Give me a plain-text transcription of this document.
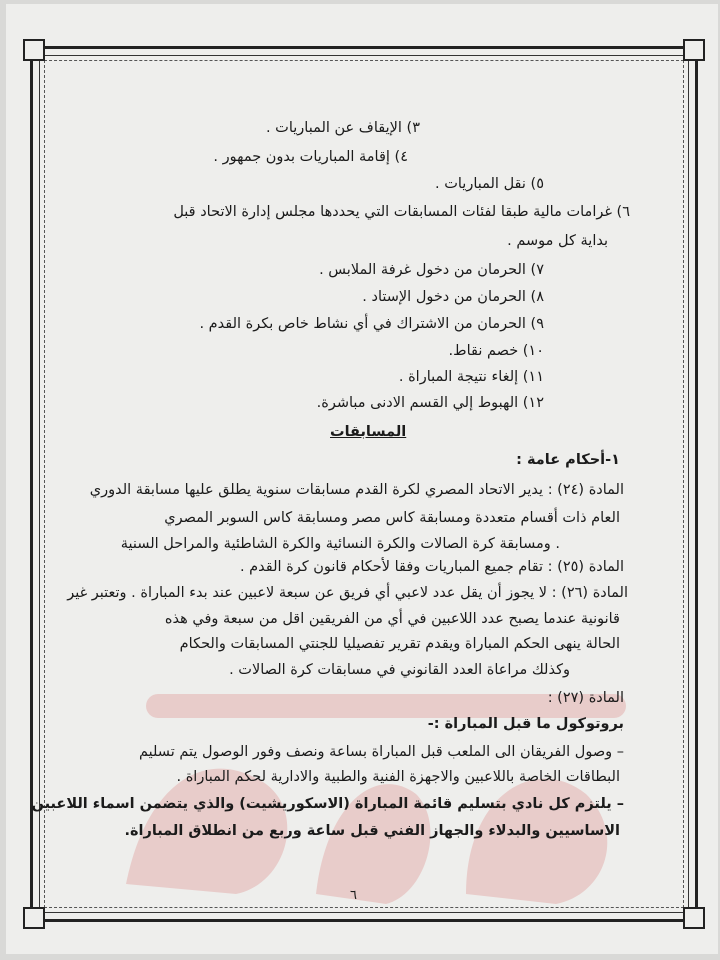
٣) الإيقاف عن المباريات .
٤) إقامة المباريات بدون جمهور .
٥) نقل المباريات .
٦) غرامات مالية طبقا لفئات المسابقات التي يحددها مجلس إدارة الاتحاد قبل
بداية كل موسم .
٧) الحرمان من دخول غرفة الملابس .
٨) الحرمان من دخول الإستاد .
٩) الحرمان من الاشتراك في أي نشاط خاص بكرة القدم .
١٠) خصم نقاط.
١١) إلغاء نتيجة المباراة .
١٢) الهبوط إلي القسم الادنى مباشرة.
المسابقات
١-أحكام عامة :
المادة (٢٤) : يدير الاتحاد المصري لكرة القدم مسابقات سنوية يطلق عليها مسابقة الدوري
العام ذات أقسام متعددة ومسابقة كاس مصر ومسابقة كاس السوبر المصري
. ومسابقة كرة الصالات والكرة النسائية والكرة الشاطئية والمراحل السنية
المادة (٢٥) : تقام جميع المباريات وفقا لأحكام قانون كرة القدم .
المادة (٢٦) : لا يجوز أن يقل عدد لاعبي أي فريق عن سبعة لاعبين عند بدء المباراة . وتعتبر غير
قانونية عندما يصبح عدد اللاعبين في أي من الفريقين اقل من سبعة وفي هذه
الحالة ينهى الحكم المباراة ويقدم تقرير تفصيليا للجنتي المسابقات والحكام
وكذلك مراعاة العدد القانوني في مسابقات كرة الصالات .
المادة (٢٧) :
بروتوكول ما قبل المباراة :-
– وصول الفريقان الى الملعب قبل المباراة بساعة ونصف وفور الوصول يتم تسليم
البطاقات الخاصة باللاعبين والاجهزة الفنية والطبية والادارية لحكم المباراة .
– يلتزم كل نادي بتسليم قائمة المباراة (الاسكوريشيت) والذي يتضمن اسماء اللاعبين
الاساسيين والبدلاء والجهاز الفني قبل ساعة وربع من انطلاق المباراة.
٦
